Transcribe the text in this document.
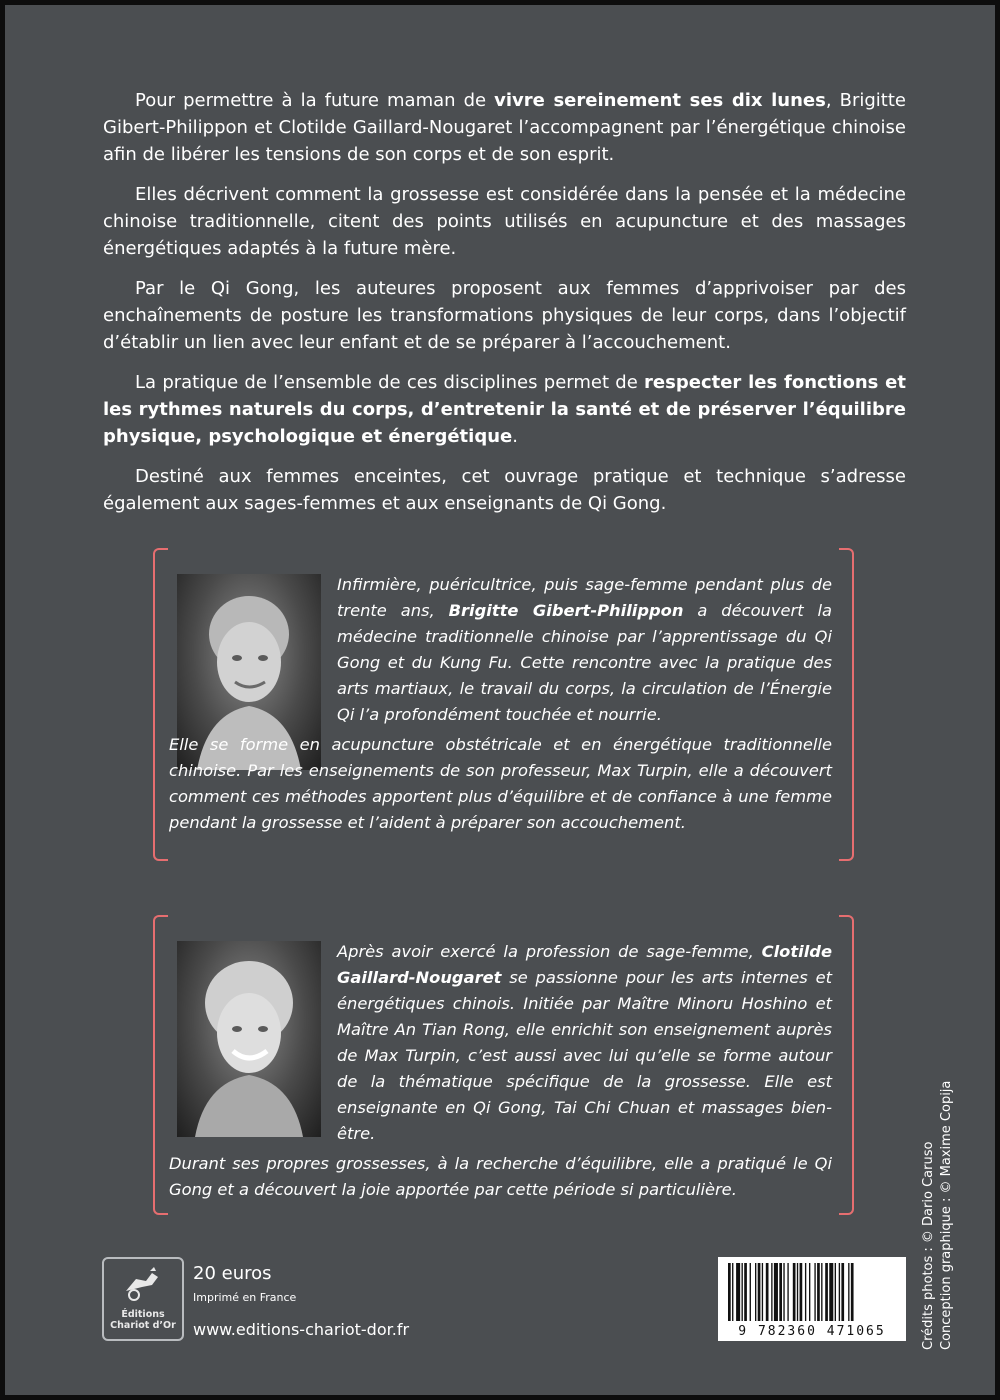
Pour permettre à la future maman de vivre sereinement ses dix lunes, Brigitte Gibert-Philippon et Clotilde Gaillard-Nougaret l’accompagnent par l’énergétique chinoise afin de libérer les tensions de son corps et de son esprit.

Elles décrivent comment la grossesse est considérée dans la pensée et la médecine chinoise traditionnelle, citent des points utilisés en acupuncture et des massages énergétiques adaptés à la future mère.

Par le Qi Gong, les auteures proposent aux femmes d’apprivoiser par des enchaînements de posture les transformations physiques de leur corps, dans l’objectif d’établir un lien avec leur enfant et de se préparer à l’accouchement.

La pratique de l’ensemble de ces disciplines permet de respecter les fonctions et les rythmes naturels du corps, d’entretenir la santé et de préserver l’équilibre physique, psychologique et énergétique.

Destiné aux femmes enceintes, cet ouvrage pratique et technique s’adresse également aux sages-femmes et aux enseignants de Qi Gong.

Infirmière, puéricultrice, puis sage-femme pendant plus de trente ans, Brigitte Gibert-Philippon a découvert la médecine traditionnelle chinoise par l’apprentissage du Qi Gong et du Kung Fu. Cette rencontre avec la pratique des arts martiaux, le travail du corps, la circulation de l’Énergie Qi l’a profondément touchée et nourrie.

Elle se forme en acupuncture obstétricale et en énergétique traditionnelle chinoise. Par les enseignements de son professeur, Max Turpin, elle a découvert comment ces méthodes apportent plus d’équilibre et de confiance à une femme pendant la grossesse et l’aident à préparer son accouchement.

Après avoir exercé la profession de sage-femme, Clotilde Gaillard-Nougaret se passionne pour les arts internes et énergétiques chinois. Initiée par Maître Minoru Hoshino et Maître An Tian Rong, elle enrichit son enseignement auprès de Max Turpin, c’est aussi avec lui qu’elle se forme autour de la thématique spécifique de la grossesse. Elle est enseignante en Qi Gong, Tai Chi Chuan et massages bien-être.

Durant ses propres grossesses, à la recherche d’équilibre, elle a pratiqué le Qi Gong et a découvert la joie apportée par cette période si particulière.

Éditions
Chariot d’Or
20 euros
Imprimé en France
www.editions-chariot-dor.fr	9 782360 471065	Crédits photos : © Dario Caruso Conception graphique : © Maxime Copija
